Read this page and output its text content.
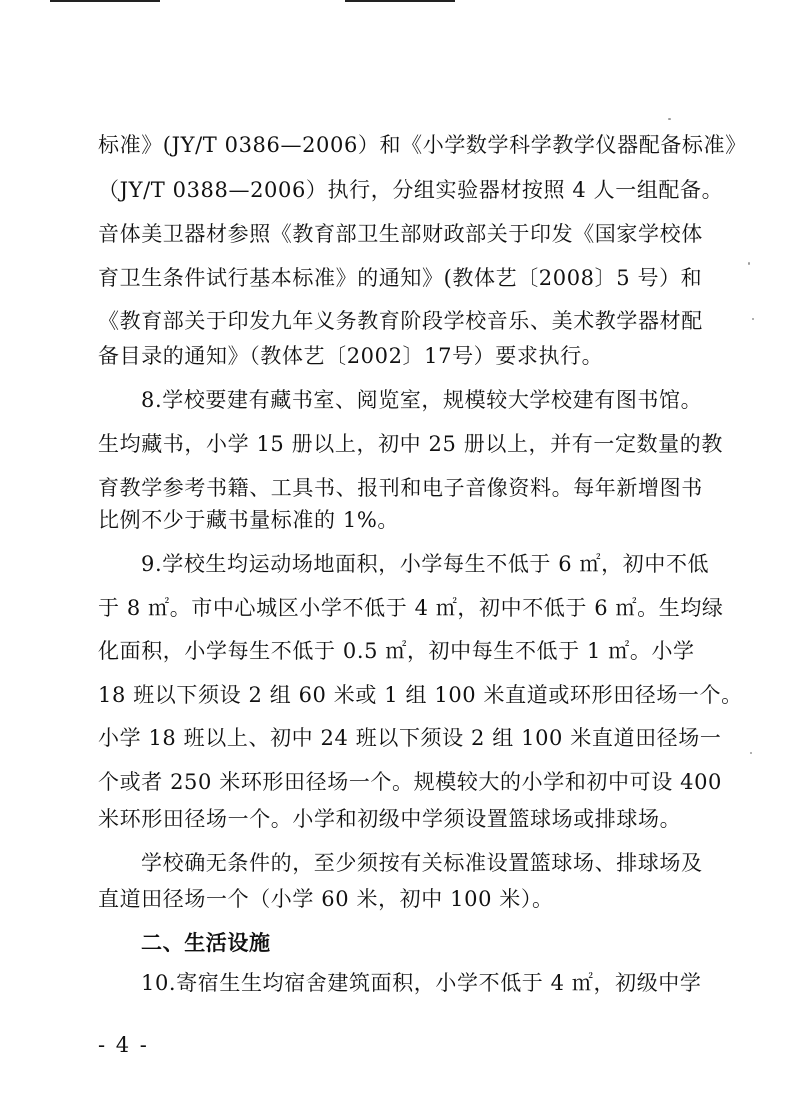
标准》(JY/T 0386—2006）和《小学数学科学教学仪器配备标准》
（JY/T 0388—2006）执行，分组实验器材按照 4 人一组配备。
音体美卫器材参照《教育部卫生部财政部关于印发《国家学校体
育卫生条件试行基本标准》的通知》(教体艺〔2008〕5 号）和
《教育部关于印发九年义务教育阶段学校音乐、美术教学器材配
备目录的通知》（教体艺〔2002〕17号）要求执行。
8.学校要建有藏书室、阅览室，规模较大学校建有图书馆。
生均藏书，小学 15 册以上，初中 25 册以上，并有一定数量的教
育教学参考书籍、工具书、报刊和电子音像资料。每年新增图书
比例不少于藏书量标准的 1%。
9.学校生均运动场地面积，小学每生不低于 6 ㎡，初中不低
于 8 ㎡。市中心城区小学不低于 4 ㎡，初中不低于 6 ㎡。生均绿
化面积，小学每生不低于 0.5 ㎡，初中每生不低于 1 ㎡。小学
18 班以下须设 2 组 60 米或 1 组 100 米直道或环形田径场一个。
小学 18 班以上、初中 24 班以下须设 2 组 100 米直道田径场一
个或者 250 米环形田径场一个。规模较大的小学和初中可设 400
米环形田径场一个。小学和初级中学须设置篮球场或排球场。
学校确无条件的，至少须按有关标准设置篮球场、排球场及
直道田径场一个（小学 60 米，初中 100 米）。
二、生活设施
10.寄宿生生均宿舍建筑面积，小学不低于 4 ㎡，初级中学
- 4 -
